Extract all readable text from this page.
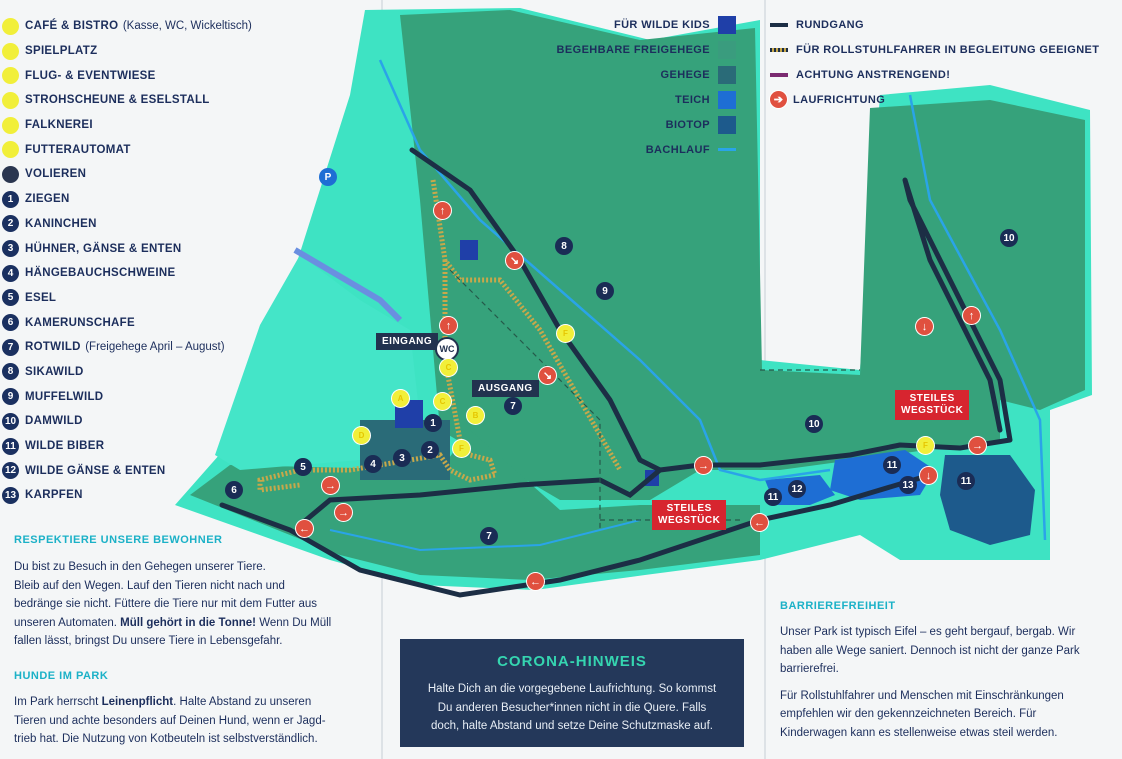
CAFÉ & BISTRO
(Kasse, WC, Wickeltisch)
SPIELPLATZ
FLUG- & EVENTWIESE
STROHSCHEUNE & ESELSTALL
FALKNEREI
FUTTERAUTOMAT
VOLIEREN
1	ZIEGEN
2	KANINCHEN
3	HÜHNER, GÄNSE & ENTEN
4	HÄNGEBAUCHSCHWEINE
5	ESEL
6	KAMERUNSCHAFE
7	ROTWILD
(Freigehege April – August)
8	SIKAWILD
9	MUFFELWILD
10 DAMWILD
11 WILDE BIBER
12 WILDE GÄNSE & ENTEN
13 KARPFEN
FÜR WILDE KIDS
BEGEHBARE FREIGEHEGE
GEHEGE
TEICH
BIOTOP
BACHLAUF
RUNDGANG
FÜR ROLLSTUHLFAHRER IN BEGLEITUNG GEEIGNET
ACHTUNG ANSTRENGEND!
➔ LAUFRICHTUNG
P
EINGANG
AUSGANG
WC
STEILES
WEGSTÜCK
STEILES
WEGSTÜCK
8
9
10
10
7
7
1
2
3
4
5
6
11
11
11
12	13
F
A	C
B
C
D
F	F
↑
↘
↑
↘
→
↓
↑
→
↓
←
←
→
→
←
RESPEKTIERE UNSERE BEWOHNER
Du bist zu Besuch in den Gehegen unserer Tiere.
Bleib auf den Wegen. Lauf den Tieren nicht nach und
bedränge sie nicht. Füttere die Tiere nur mit dem Futter aus
unseren Automaten. Müll gehört in die Tonne! Wenn Du Müll
fallen lässt, bringst Du unsere Tiere in Lebensgefahr.
HUNDE IM PARK
Im Park herrscht Leinenpflicht. Halte Abstand zu unseren
Tieren und achte besonders auf Deinen Hund, wenn er Jagd-
trieb hat. Die Nutzung von Kotbeuteln ist selbstverständlich.
CORONA-HINWEIS
Halte Dich an die vorgegebene Laufrichtung. So kommst
Du anderen Besucher*innen nicht in die Quere. Falls
doch, halte Abstand und setze Deine Schutzmaske auf.
BARRIEREFREIHEIT
Unser Park ist typisch Eifel – es geht bergauf, bergab. Wir
haben alle Wege saniert. Dennoch ist nicht der ganze Park
barrierefrei.
Für Rollstuhlfahrer und Menschen mit Einschränkungen
empfehlen wir den gekennzeichneten Bereich. Für
Kinderwagen kann es stellenweise etwas steil werden.
